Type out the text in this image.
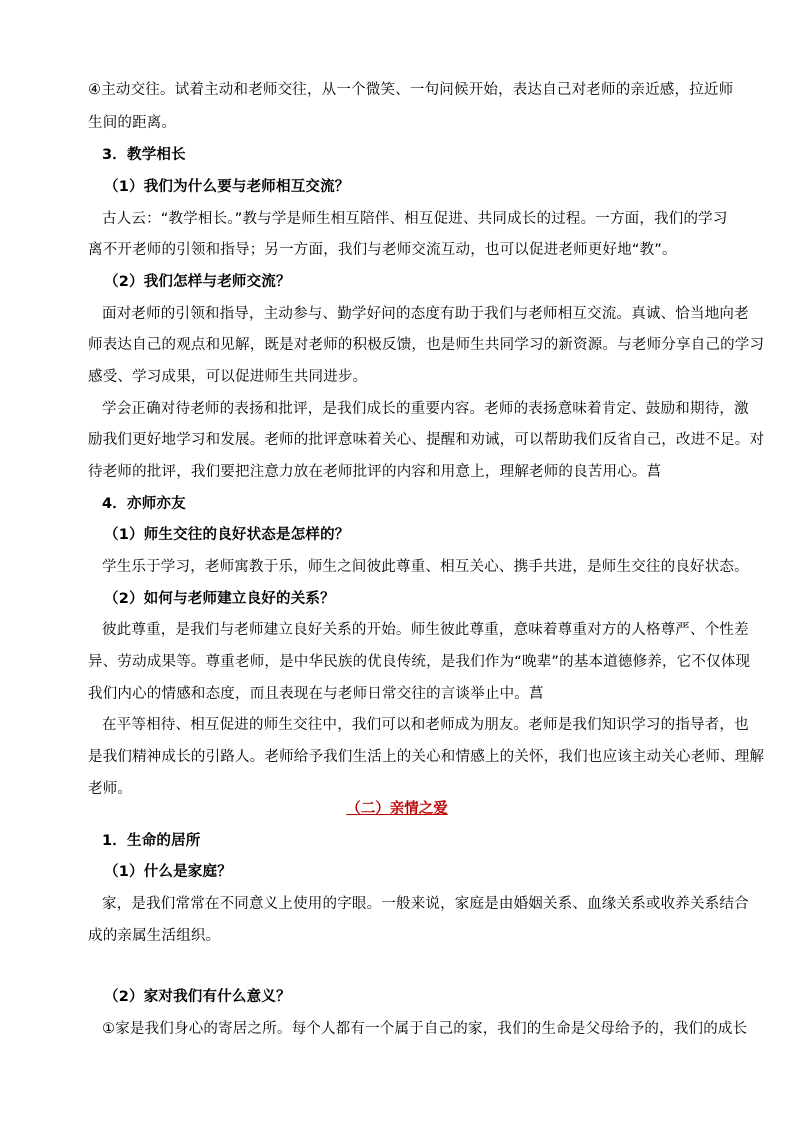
④主动交往。试着主动和老师交往，从一个微笑、一句问候开始，表达自己对老师的亲近感，拉近师
生间的距离。
3．教学相长
（1）我们为什么要与老师相互交流？
古人云：“教学相长。”教与学是师生相互陪伴、相互促进、共同成长的过程。一方面，我们的学习
离不开老师的引领和指导；另一方面，我们与老师交流互动，也可以促进老师更好地“教”。
（2）我们怎样与老师交流？
面对老师的引领和指导，主动参与、勤学好问的态度有助于我们与老师相互交流。真诚、恰当地向老
师表达自己的观点和见解，既是对老师的积极反馈，也是师生共同学习的新资源。与老师分享自己的学习
感受、学习成果，可以促进师生共同进步。
学会正确对待老师的表扬和批评，是我们成长的重要内容。老师的表扬意味着肯定、鼓励和期待，激
励我们更好地学习和发展。老师的批评意味着关心、提醒和劝诫，可以帮助我们反省自己，改进不足。对
待老师的批评，我们要把注意力放在老师批评的内容和用意上，理解老师的良苦用心。菖
4．亦师亦友
（1）师生交往的良好状态是怎样的？
学生乐于学习，老师寓教于乐，师生之间彼此尊重、相互关心、携手共进，是师生交往的良好状态。
（2）如何与老师建立良好的关系？
彼此尊重，是我们与老师建立良好关系的开始。师生彼此尊重，意味着尊重对方的人格尊严、个性差
异、劳动成果等。尊重老师，是中华民族的优良传统，是我们作为“晚辈”的基本道德修养，它不仅体现
我们内心的情感和态度，而且表现在与老师日常交往的言谈举止中。菖
在平等相待、相互促进的师生交往中，我们可以和老师成为朋友。老师是我们知识学习的指导者，也
是我们精神成长的引路人。老师给予我们生活上的关心和情感上的关怀，我们也应该主动关心老师、理解
老师。
（二）亲情之爱
1．生命的居所
（1）什么是家庭？
家，是我们常常在不同意义上使用的字眼。一般来说，家庭是由婚姻关系、血缘关系或收养关系结合
成的亲属生活组织。
（2）家对我们有什么意义？
①家是我们身心的寄居之所。每个人都有一个属于自己的家，我们的生命是父母给予的，我们的成长
